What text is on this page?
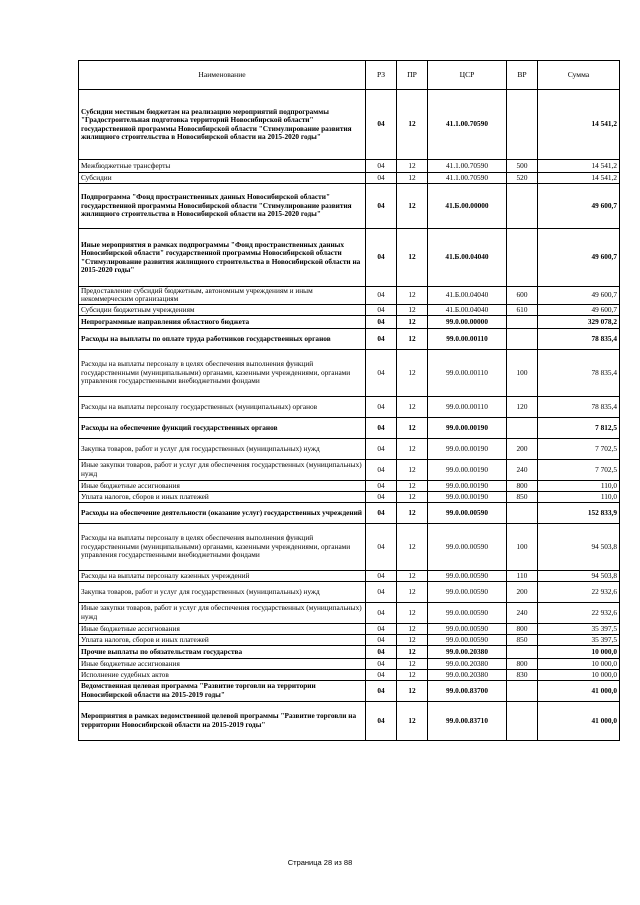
Наименование	РЗ	ПР	ЦСР	ВР	Сумма
Субсидии местным бюджетам на реализацию мероприятий подпрограммы "Градостроительная подготовка территорий Новосибирской области" государственной программы Новосибирской области "Стимулирование развития жилищного строительства в Новосибирской области на 2015-2020 годы"	04	12	41.1.00.70590		14 541,2
Межбюджетные трансферты	04	12	41.1.00.70590	500	14 541,2
Субсидии	04	12	41.1.00.70590	520	14 541,2
Подпрограмма "Фонд пространственных данных Новосибирской области" государственной программы Новосибирской области "Стимулирование развития жилищного строительства в Новосибирской области на 2015-2020 годы"	04	12	41.Б.00.00000		49 600,7
Иные мероприятия в рамках подпрограммы "Фонд пространственных данных Новосибирской области" государственной программы Новосибирской области "Стимулирование развития жилищного строительства в Новосибирской области на 2015-2020 годы"	04	12	41.Б.00.04040		49 600,7
Предоставление субсидий бюджетным, автономным учреждениям и иным некоммерческим организациям	04	12	41.Б.00.04040	600	49 600,7
Субсидии бюджетным учреждениям	04	12	41.Б.00.04040	610	49 600,7
Непрограммные направления областного бюджета	04	12	99.0.00.00000		329 078,2
Расходы на выплаты по оплате труда работников государственных органов	04	12	99.0.00.00110		78 835,4
Расходы на выплаты персоналу в целях обеспечения выполнения функций государственными (муниципальными) органами, казенными учреждениями, органами управления государственными внебюджетными фондами	04	12	99.0.00.00110	100	78 835,4
Расходы на выплаты персоналу государственных (муниципальных) органов	04	12	99.0.00.00110	120	78 835,4
Расходы на обеспечение функций государственных органов	04	12	99.0.00.00190		7 812,5
Закупка товаров, работ и услуг для государственных (муниципальных) нужд	04	12	99.0.00.00190	200	7 702,5
Иные закупки товаров, работ и услуг для обеспечения государственных (муниципальных) нужд	04	12	99.0.00.00190	240	7 702,5
Иные бюджетные ассигнования	04	12	99.0.00.00190	800	110,0
Уплата налогов, сборов и иных платежей	04	12	99.0.00.00190	850	110,0
Расходы на обеспечение деятельности (оказание услуг) государственных учреждений	04	12	99.0.00.00590		152 833,9
Расходы на выплаты персоналу в целях обеспечения выполнения функций государственными (муниципальными) органами, казенными учреждениями, органами управления государственными внебюджетными фондами	04	12	99.0.00.00590	100	94 503,8
Расходы на выплаты персоналу казенных учреждений	04	12	99.0.00.00590	110	94 503,8
Закупка товаров, работ и услуг для государственных (муниципальных) нужд	04	12	99.0.00.00590	200	22 932,6
Иные закупки товаров, работ и услуг для обеспечения государственных (муниципальных) нужд	04	12	99.0.00.00590	240	22 932,6
Иные бюджетные ассигнования	04	12	99.0.00.00590	800	35 397,5
Уплата налогов, сборов и иных платежей	04	12	99.0.00.00590	850	35 397,5
Прочие выплаты по обязательствам государства	04	12	99.0.00.20380		10 000,0
Иные бюджетные ассигнования	04	12	99.0.00.20380	800	10 000,0
Исполнение судебных актов	04	12	99.0.00.20380	830	10 000,0
Ведомственная целевая программа "Развитие торговли на территории Новосибирской области на 2015-2019 годы"	04	12	99.0.00.83700		41 000,0
Мероприятия в рамках ведомственной целевой программы "Развитие торговли на территории Новосибирской области на 2015-2019 годы"	04	12	99.0.00.83710		41 000,0
Страница 28 из 88
